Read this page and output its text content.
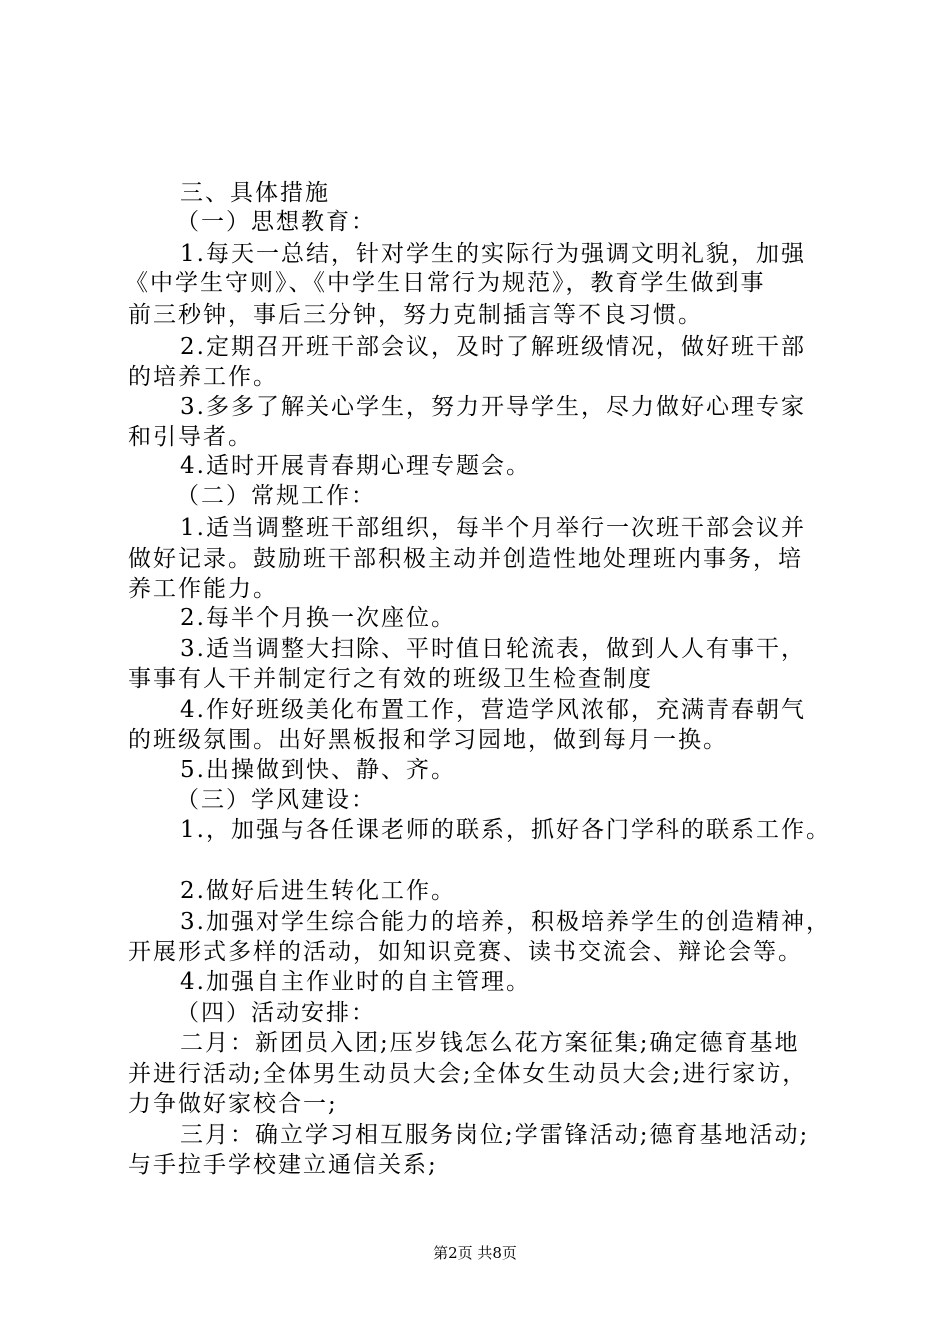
三、具体措施
（一）思想教育：
1.每天一总结，针对学生的实际行为强调文明礼貌，加强
《中学生守则》、《中学生日常行为规范》，教育学生做到事
前三秒钟，事后三分钟，努力克制插言等不良习惯。
2.定期召开班干部会议，及时了解班级情况，做好班干部
的培养工作。
3.多多了解关心学生，努力开导学生，尽力做好心理专家
和引导者。
4.适时开展青春期心理专题会。
（二）常规工作：
1.适当调整班干部组织，每半个月举行一次班干部会议并
做好记录。鼓励班干部积极主动并创造性地处理班内事务，培
养工作能力。
2.每半个月换一次座位。
3.适当调整大扫除、平时值日轮流表，做到人人有事干，
事事有人干并制定行之有效的班级卫生检查制度
4.作好班级美化布置工作，营造学风浓郁，充满青春朝气
的班级氛围。出好黑板报和学习园地，做到每月一换。
5.出操做到快、静、齐。
（三）学风建设：
1.，加强与各任课老师的联系，抓好各门学科的联系工作。
2.做好后进生转化工作。
3.加强对学生综合能力的培养，积极培养学生的创造精神，
开展形式多样的活动，如知识竞赛、读书交流会、辩论会等。
4.加强自主作业时的自主管理。
（四）活动安排：
二月：新团员入团;压岁钱怎么花方案征集;确定德育基地
并进行活动;全体男生动员大会;全体女生动员大会;进行家访，
力争做好家校合一;
三月：确立学习相互服务岗位;学雷锋活动;德育基地活动;
与手拉手学校建立通信关系;
第2页 共8页
